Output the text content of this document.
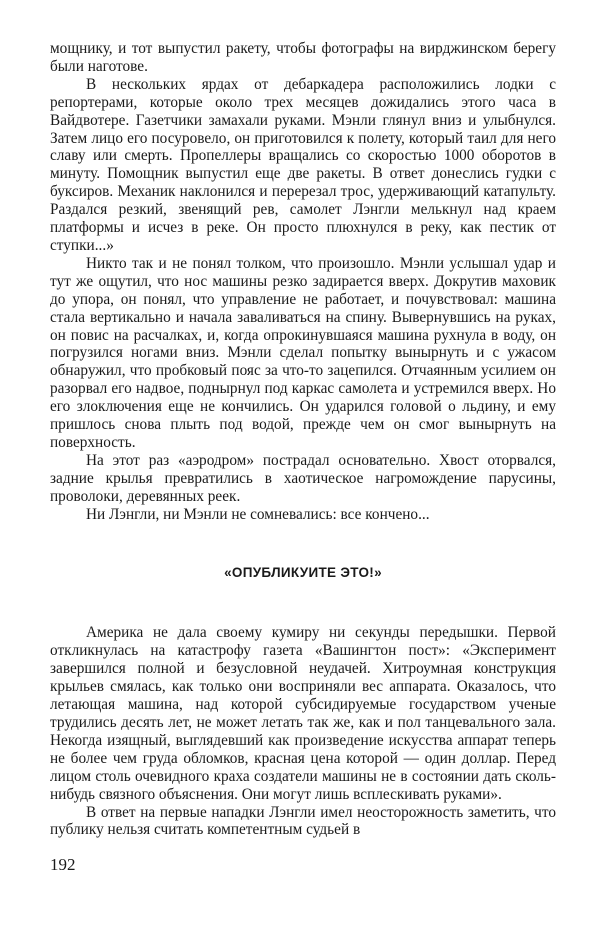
мощнику, и тот выпустил ракету, чтобы фотографы на вирджинском берегу были наготове.

В нескольких ярдах от дебаркадера расположились лодки с репортерами, которые около трех месяцев дожидались этого часа в Вайдвотере. Газетчики замахали руками. Мэнли глянул вниз и улыбнулся. Затем лицо его посуровело, он приготовился к полету, который таил для него славу или смерть. Пропеллеры вращались со скоростью 1000 оборотов в минуту. Помощник выпустил еще две ракеты. В ответ донеслись гудки с буксиров. Механик наклонился и перерезал трос, удерживающий катапульту. Раздался резкий, звенящий рев, самолет Лэнгли мелькнул над краем платформы и исчез в реке. Он просто плюхнулся в реку, как пестик от ступки...»

Никто так и не понял толком, что произошло. Мэнли услышал удар и тут же ощутил, что нос машины резко задирается вверх. Докрутив маховик до упора, он понял, что управление не работает, и почувствовал: машина стала вертикально и начала заваливаться на спину. Вывернувшись на руках, он повис на расчалках, и, когда опрокинувшаяся машина рухнула в воду, он погрузился ногами вниз. Мэнли сделал попытку вынырнуть и с ужасом обнаружил, что пробковый пояс за что-то зацепился. Отчаянным усилием он разорвал его надвое, поднырнул под каркас самолета и устремился вверх. Но его злоключения еще не кончились. Он ударился головой о льдину, и ему пришлось снова плыть под водой, прежде чем он смог вынырнуть на поверхность.

На этот раз «аэродром» пострадал основательно. Хвост оторвался, задние крылья превратились в хаотическое нагромождение парусины, проволоки, деревянных реек.

Ни Лэнгли, ни Мэнли не сомневались: все кончено...

«ОПУБЛИКУИТЕ ЭТО!»

Америка не дала своему кумиру ни секунды передышки. Первой откликнулась на катастрофу газета «Вашингтон пост»: «Эксперимент завершился полной и безусловной неудачей. Хитроумная конструкция крыльев смялась, как только они восприняли вес аппарата. Оказалось, что летающая машина, над которой субсидируемые государством ученые трудились десять лет, не может летать так же, как и пол танцевального зала. Некогда изящный, выглядевший как произведение искусства аппарат теперь не более чем груда обломков, красная цена которой — один доллар. Перед лицом столь очевидного краха создатели машины не в состоянии дать сколь-нибудь связного объяснения. Они могут лишь всплескивать руками».

В ответ на первые нападки Лэнгли имел неосторожность заметить, что публику нельзя считать компетентным судьей в

192
